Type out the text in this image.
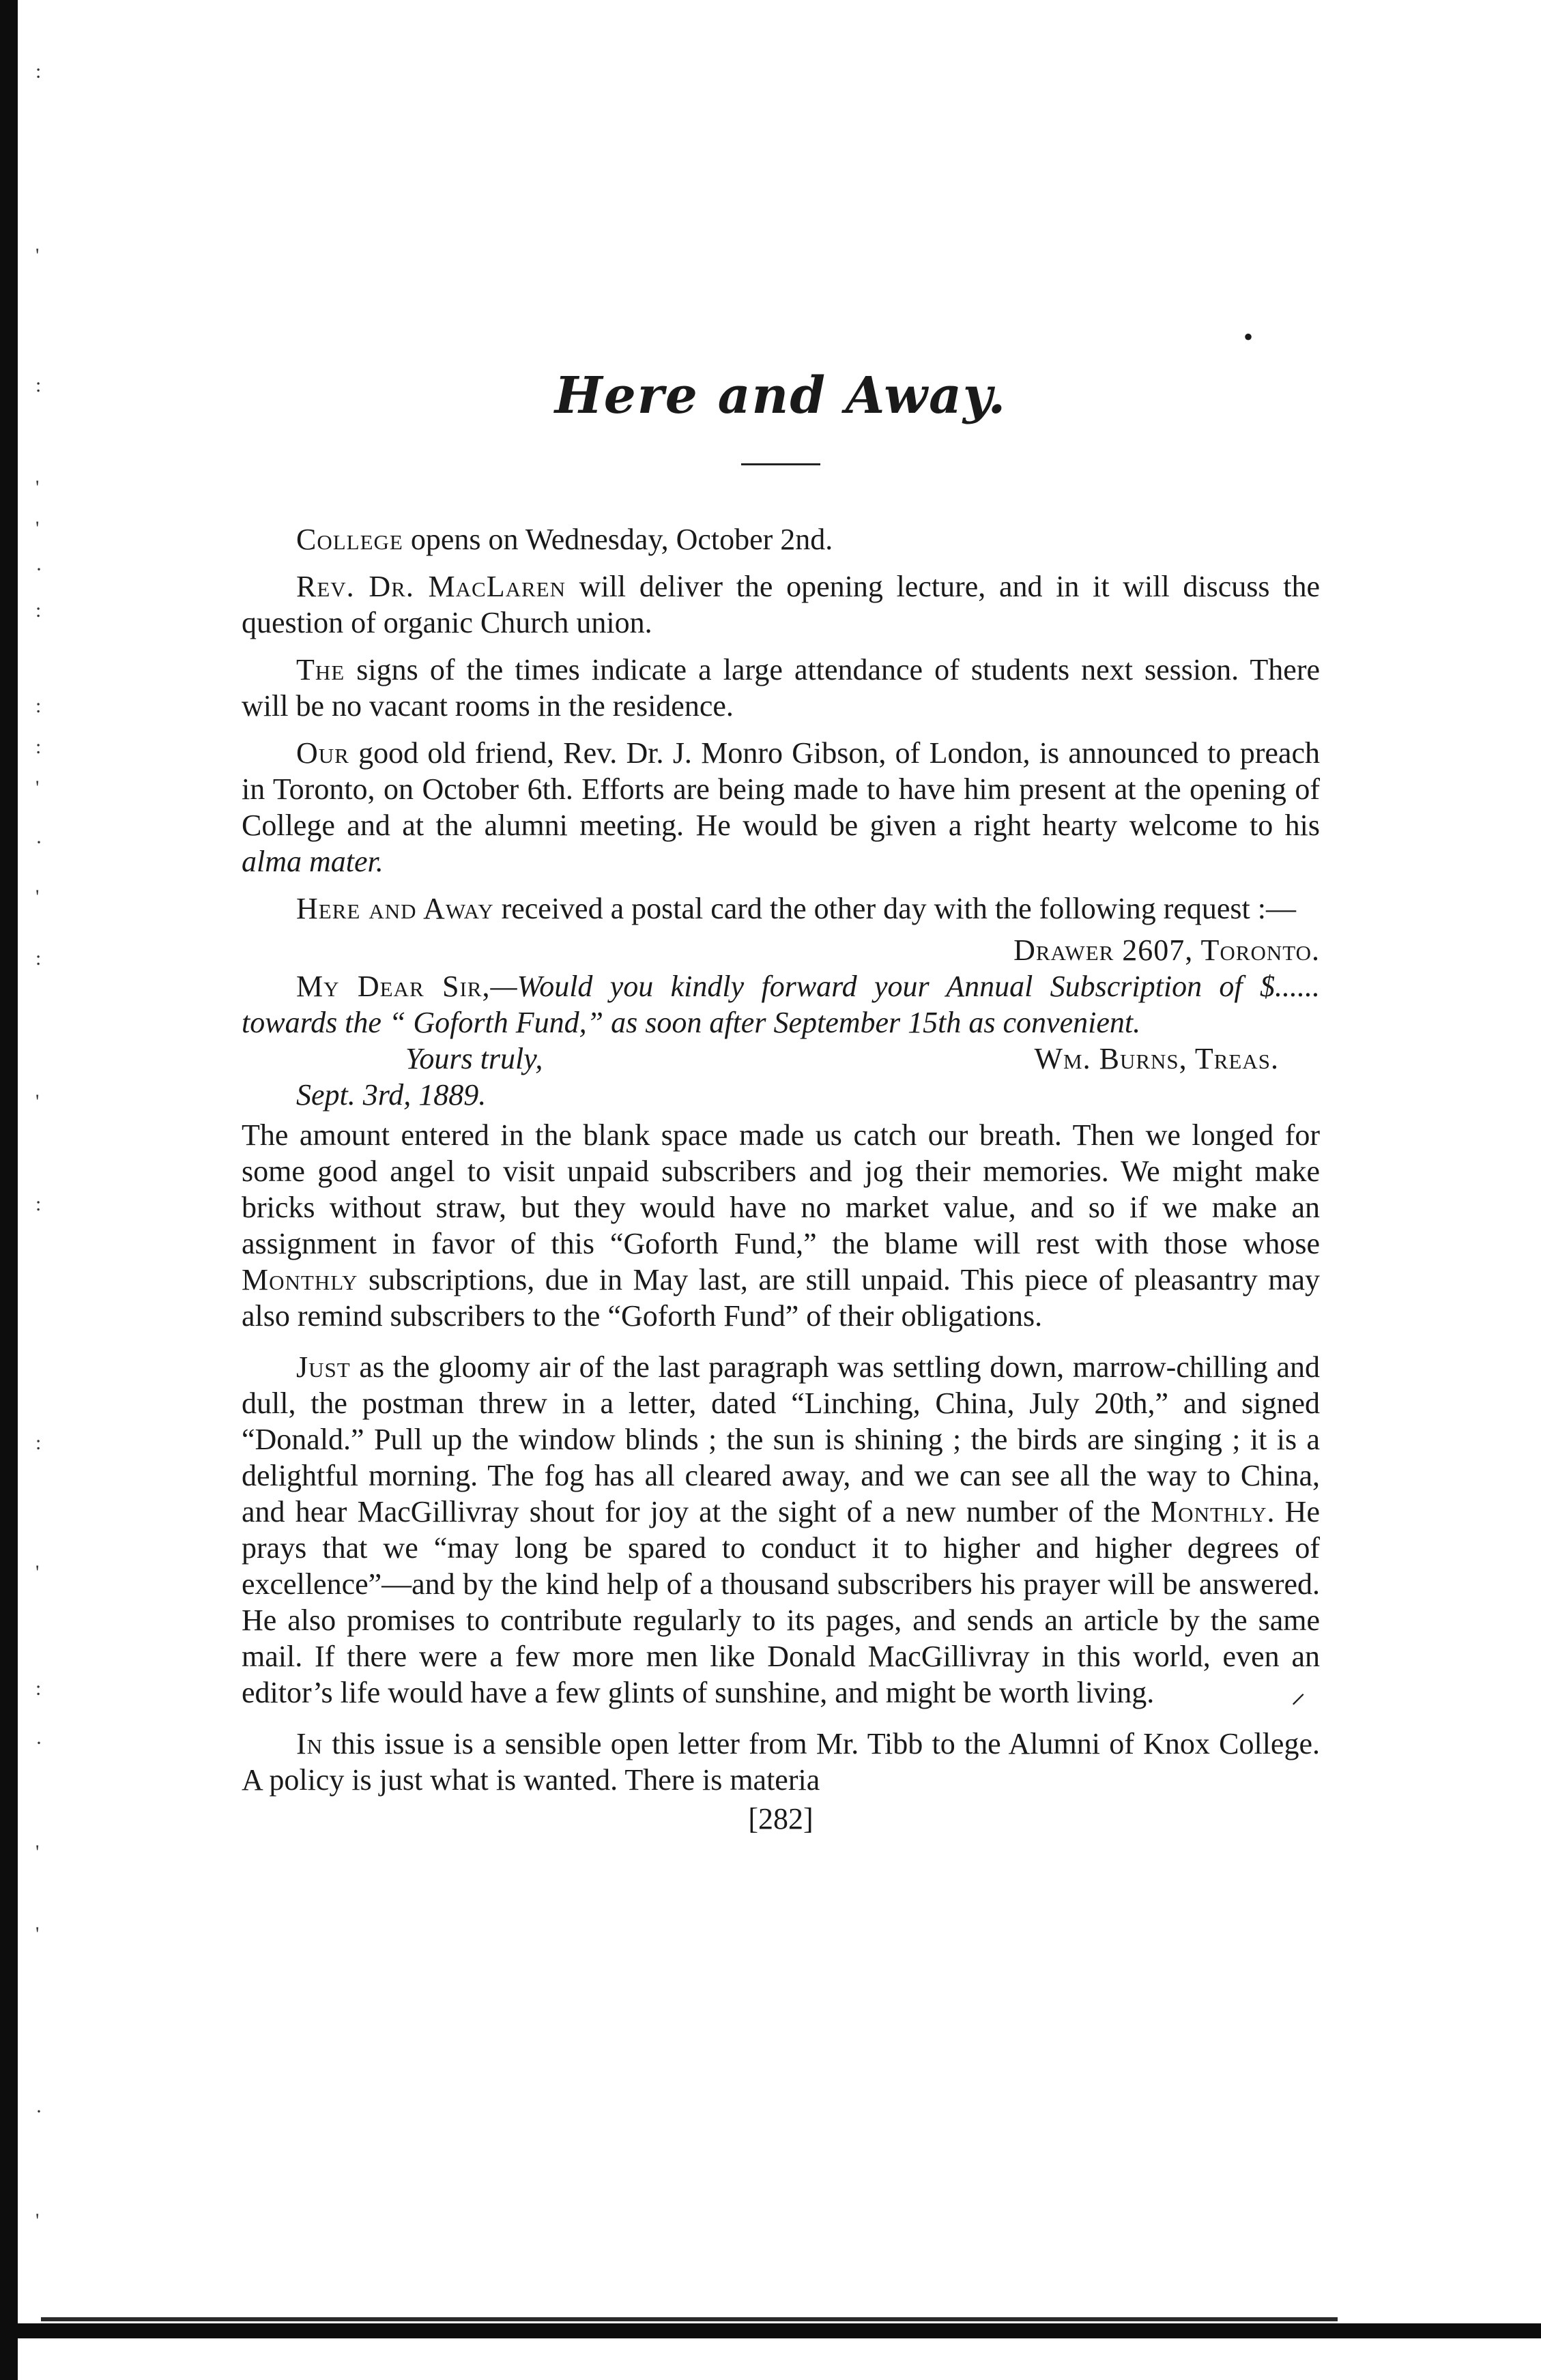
:
'
:
'
'
·
:
:
:
'
·
'
:
'
:
:
'
:
·
'
'
·
'
•
Here and Away.

College opens on Wednesday, October 2nd.

Rev. Dr. MacLaren will deliver the opening lecture, and in it will discuss the question of organic Church union.

The signs of the times indicate a large attendance of students next session. There will be no vacant rooms in the residence.

Our good old friend, Rev. Dr. J. Monro Gibson, of London, is announced to preach in Toronto, on October 6th. Efforts are being made to have him present at the opening of College and at the alumni meeting. He would be given a right hearty welcome to his alma mater.

Here and Away received a postal card the other day with the following request :—

Drawer 2607, Toronto.

My Dear Sir,—Would you kindly forward your Annual Subscription of $...... towards the “ Goforth Fund,” as soon after September 15th as convenient.

Yours truly,	Wm. Burns, Treas.
Sept. 3rd, 1889.

The amount entered in the blank space made us catch our breath. Then we longed for some good angel to visit unpaid subscribers and jog their memories. We might make bricks without straw, but they would have no market value, and so if we make an assignment in favor of this “Goforth Fund,” the blame will rest with those whose Monthly subscriptions, due in May last, are still unpaid. This piece of pleasantry may also remind subscribers to the “Goforth Fund” of their obligations.

Just as the gloomy air of the last paragraph was settling down, marrow-chilling and dull, the postman threw in a letter, dated “Linching, China, July 20th,” and signed “Donald.” Pull up the window blinds ; the sun is shining ; the birds are singing ; it is a delightful morning. The fog has all cleared away, and we can see all the way to China, and hear MacGillivray shout for joy at the sight of a new number of the Monthly. He prays that we “may long be spared to conduct it to higher and higher degrees of excellence”—and by the kind help of a thousand subscribers his prayer will be answered. He also promises to contribute regularly to its pages, and sends an article by the same mail. If there were a few more men like Donald MacGillivray in this world, even an editor’s life would have a few glints of sunshine, and might be worth living.	⸝

In this issue is a sensible open letter from Mr. Tibb to the Alumni of Knox College. A policy is just what is wanted. There is materia

[282]
